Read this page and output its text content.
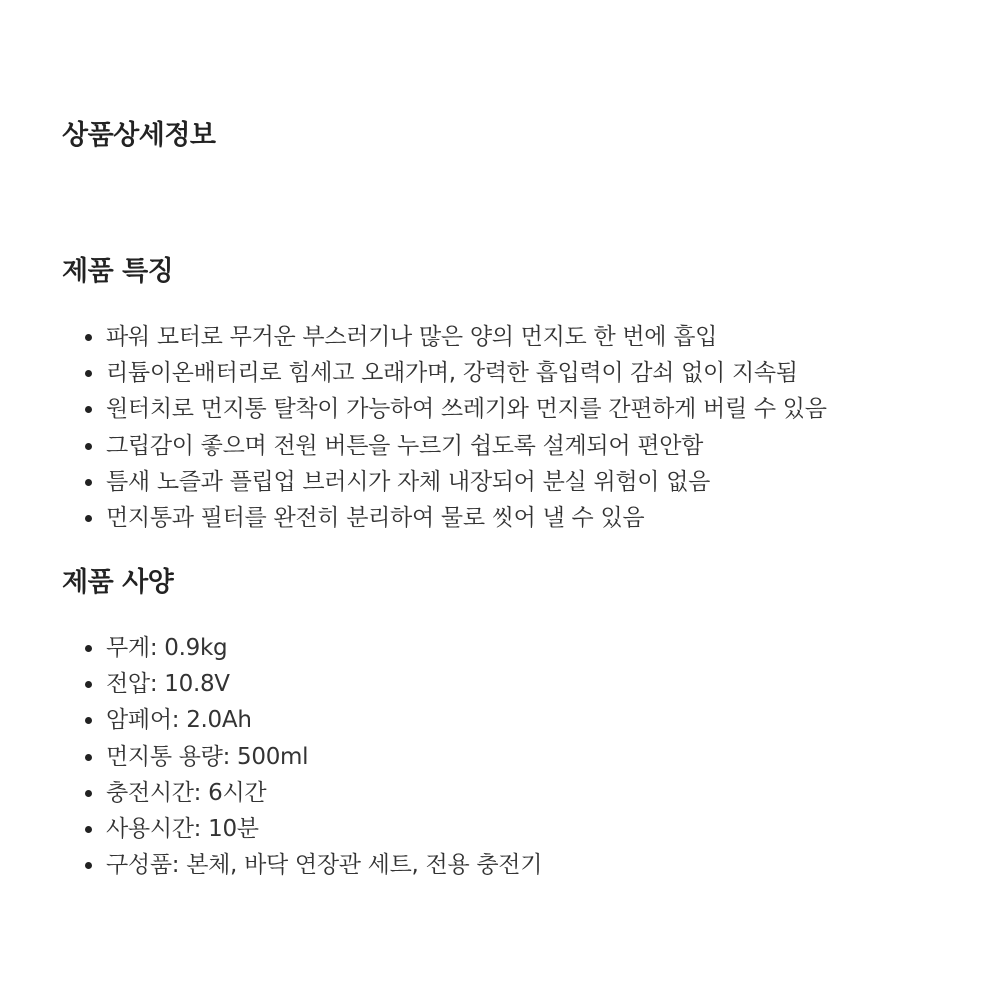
상품상세정보
제품 특징
파워 모터로 무거운 부스러기나 많은 양의 먼지도 한 번에 흡입
리튬이온배터리로 힘세고 오래가며, 강력한 흡입력이 감쇠 없이 지속됨
원터치로 먼지통 탈착이 가능하여 쓰레기와 먼지를 간편하게 버릴 수 있음
그립감이 좋으며 전원 버튼을 누르기 쉽도록 설계되어 편안함
틈새 노즐과 플립업 브러시가 자체 내장되어 분실 위험이 없음
먼지통과 필터를 완전히 분리하여 물로 씻어 낼 수 있음
제품 사양
무게: 0.9kg
전압: 10.8V
암페어: 2.0Ah
먼지통 용량: 500ml
충전시간: 6시간
사용시간: 10분
구성품: 본체, 바닥 연장관 세트, 전용 충전기
